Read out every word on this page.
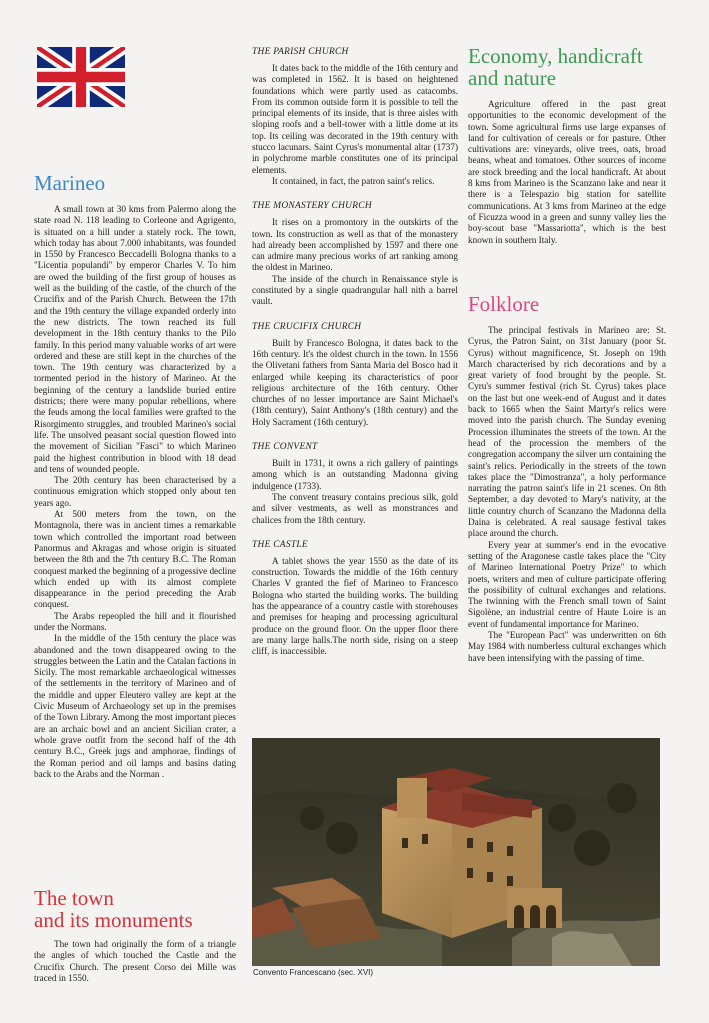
Marineo

A small town at 30 kms from Palermo along the state road N. 118 leading to Corleone and Agrigento, is situated on a hill under a stately rock. The town, which today has about 7.000 inhabitants, was founded in 1550 by Francesco Beccadelli Bologna thanks to a "Licentia populandi" by emperor Charles V. To him are owed the building of the first group of houses as well as the building of the castle, of the church of the Crucifix and of the Parish Church. Between the 17th and the 19th century the village expanded orderly into the new districts. The town reached its full development in the 18th century thanks to the Pilo family. In this period many valuable works of art were ordered and these are still kept in the churches of the town. The 19th century was characterized by a tormented period in the history of Marineo. At the beginning of the century a landslide buried entire districts; there were many popular rebellions, where the feuds among the local families were grafted to the Risorgimento struggles, and troubled Marineo's social life. The unsolved peasant social question flowed into the movement of Sicilian "Fasci" to which Marineo paid the highest contribution in blood with 18 dead and tens of wounded people.

The 20th century has been characterised by a continuous emigration which stopped only about ten years ago.

At 500 meters from the town, on the Montagnola, there was in ancient times a remarkable town which controlled the important road between Panormus and Akragas and whose origin is situated between the 8th and the 7th century B.C. The Roman conquest marked the beginning of a progessive decline which ended up with its almost complete disappearance in the period preceding the Arab conquest.

The Arabs repeopled the hill and it flourished under the Normans.

In the middle of the 15th century the place was abandoned and the town disappeared owing to the struggles between the Latin and the Catalan factions in Sicily. The most remarkable archaeological witnesses of the settlements in the territory of Marineo and of the middle and upper Eleutero valley are kept at the Civic Museum of Archaeology set up in the premises of the Town Library. Among the most important pieces are an archaic bowl and an ancient Sicilian crater, a whole grave outfit from the second half of the 4th century B.C., Greek jugs and amphorae, findings of the Roman period and oil lamps and basins dating back to the Arabs and the Norman .

The town
and its monuments

The town had originally the form of a triangle the angles of which touched the Castle and the Crucifix Church. The present Corso dei Mille was traced in 1550.

THE PARISH CHURCH

It dates back to the middle of the 16th century and was completed in 1562. It is based on heightened foundations which were partly used as catacombs. From its common outside form it is possible to tell the principal elements of its inside, that is three aisles with sloping roofs and a bell-tower with a little dome at its top. Its ceiling was decorated in the 19th century with stucco lacunars. Saint Cyrus's monumental altar (1737) in polychrome marble constitutes one of its principal elements.

It contained, in fact, the patron saint's relics.

THE MONASTERY CHURCH

It rises on a promontory in the outskirts of the town. Its construction as well as that of the monastery had already been accomplished by 1597 and there one can admire many precious works of art ranking among the oldest in Marineo.

The inside of the church in Renaissance style is constituted by a single quadrangular hall nith a barrel vault.

THE CRUCIFIX CHURCH

Built by Francesco Bologna, it dates back to the 16th century. It's the oldest church in the town. In 1556 the Olivetani fathers from Santa Maria del Bosco had it enlarged while keeping its characteristics of poor religious architecture of the 16th century. Other churches of no lesser importance are Saint Michael's (18th century), Saint Anthony's (18th century) and the Holy Sacrament (16th century).

THE CONVENT

Built in 1731, it owns a rich gallery of paintings among which is an outstanding Madonna giving indulgence (1733).

The convent treasury contains precious silk, gold and silver vestments, as well as monstrances and chalices from the 18th century.

THE CASTLE

A tablet shows the year 1550 as the date of its construction. Towards the middle of the 16th century Charles V granted the fief of Marineo to Francesco Bologna who started the building works. The building has the appearance of a country castle with storehouses and premises for heaping and processing agricultural produce on the ground floor. On the upper floor there are many large halls.The north side, rising on a steep cliff, is inaccessible.

Economy, handicraft
and nature

Agriculture offered in the past great opportunities to the economic development of the town. Some agricultural firms use large expanses of land for cultivation of cereals or for pasture. Other cultivations are: vineyards, olive trees, oats, broad beans, wheat and tomatoes. Other sources of income are stock breeding and the local handicraft. At about 8 kms from Marineo is the Scanzano lake and near it there is a Telespazio big station for satellite communications. At 3 kms from Marineo at the edge of Ficuzza wood in a green and sunny valley lies the boy-scout base "Massariotta", which is the best known in southern Italy.

Folklore

The principal festivals in Marineo are: St. Cyrus, the Patron Saint, on 31st January (poor St. Cyrus) without magnificence, St. Joseph on 19th March characterised by rich decorations and by a great variety of food brought by the people. St. Cyru's summer festival (rich St. Cyrus) takes place on the last but one week-end of August and it dates back to 1665 when the Saint Martyr's relics were moved into the parish church. The Sunday evening Procession illuminates the streets of the town. At the head of the procession the members of the congregation accompany the silver urn containing the saint's relics. Periodically in the streets of the town takes place the "Dimostranza", a holy performance narrating the patron saint's life in 21 scenes. On 8th September, a day devoted to Mary's nativity, at the little country church of Scanzano the Madonna della Daina is celebrated. A real sausage festival takes place around the church.

Every year at summer's end in the evocative setting of the Aragonese castle takes place the "City of Marineo International Poetry Prize" to which poets, writers and men of culture participate offering the possibility of cultural exchanges and relations. The twinning with the French small town of Saint Sigolène, an industrial centre of Haute Loire is an event of fundamental importance for Marineo.

The "European Pact" was underwritten on 6th May 1984 with numberless cultural exchanges which have been intensifying with the passing of time.

Convento Francescano (sec. XVI)
